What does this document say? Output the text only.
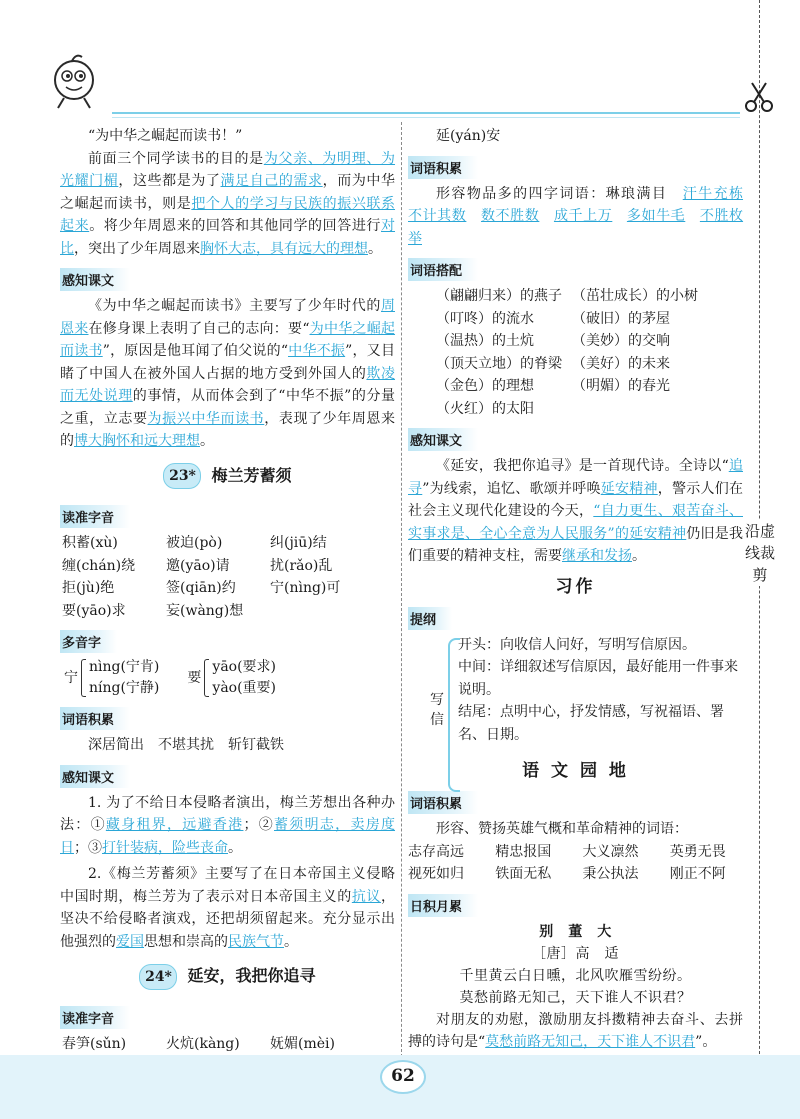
沿虚线裁剪

“为中华之崛起而读书！”

前面三个同学读书的目的是为父亲、为明理、为光耀门楣，这些都是为了满足自己的需求，而为中华之崛起而读书，则是把个人的学习与民族的振兴联系起来。将少年周恩来的回答和其他同学的回答进行对比，突出了少年周恩来胸怀大志，具有远大的理想。

感知课文

《为中华之崛起而读书》主要写了少年时代的周恩来在修身课上表明了自己的志向：要“为中华之崛起而读书”，原因是他耳闻了伯父说的“中华不振”，又目睹了中国人在被外国人占据的地方受到外国人的欺凌而无处说理的事情，从而体会到了“中华不振”的分量之重，立志要为振兴中华而读书，表现了少年周恩来的博大胸怀和远大理想。

23* 梅兰芳蓄须
读准字音
积蓄(xù)	被迫(pò)	纠(jiū)结
缠(chán)绕	邀(yāo)请	扰(rǎo)乱
拒(jù)绝	签(qiān)约	宁(nìng)可
要(yāo)求	妄(wàng)想
多音字
宁
nìng(宁肯)
níng(宁静)
要
yāo(要求)
yào(重要)
词语积累

深居简出　不堪其扰　斩钉截铁

感知课文

1. 为了不给日本侵略者演出，梅兰芳想出各种办法：①藏身租界，远避香港；②蓄须明志，卖房度日；③打针装病，险些丧命。

2.《梅兰芳蓄须》主要写了在日本帝国主义侵略中国时期，梅兰芳为了表示对日本帝国主义的抗议，坚决不给侵略者演戏，还把胡须留起来。充分显示出他强烈的爱国思想和崇高的民族气节。

24* 延安，我把你追寻
读准字音
春笋(sǔn)	火炕(kàng)	妩媚(mèi)

延(yán)安

词语积累

形容物品多的四字词语：琳琅满目　 汗牛充栋　不计其数　 数不胜数　 成千上万　 多如牛毛　 不胜枚举

词语搭配
（翩翩归来）的燕子 （茁壮成长）的小树
（叮咚）的流水	（破旧）的茅屋
（温热）的土炕	（美妙）的交响
（顶天立地）的脊梁 （美好）的未来
（金色）的理想	（明媚）的春光
（火红）的太阳
感知课文

《延安，我把你追寻》是一首现代诗。全诗以“追寻”为线索，追忆、歌颂并呼唤延安精神，警示人们在社会主义现代化建设的今天，“自力更生、艰苦奋斗、实事求是、全心全意为人民服务”的延安精神仍旧是我们重要的精神支柱，需要继承和发扬。

习作
提纲
写信
开头：向收信人问好，写明写信原因。
中间：详细叙述写信原因，最好能用一件事来说明。
结尾：点明中心，抒发情感，写祝福语、署名、日期。
语 文 园 地
词语积累

形容、赞扬英雄气概和革命精神的词语：

志存高远	精忠报国	大义凛然	英勇无畏
视死如归	铁面无私	秉公执法	刚正不阿
日积月累
别　董　大
［唐］高　适
千里黄云白日曛，北风吹雁雪纷纷。
莫愁前路无知己，天下谁人不识君？

对朋友的劝慰，激励朋友抖擞精神去奋斗、去拼搏的诗句是“莫愁前路无知己，天下谁人不识君”。

62
